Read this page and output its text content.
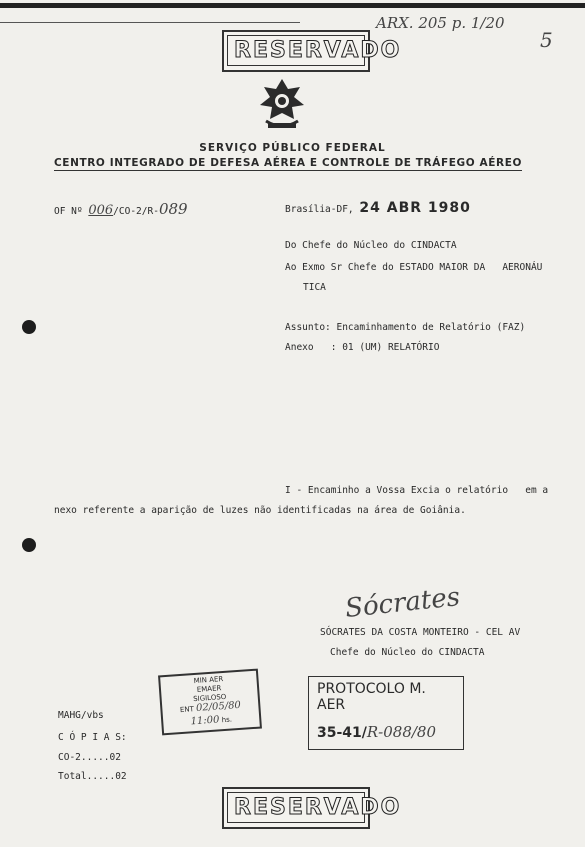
ARX. 205 p. 1/20
5
RESERVADO
SERVIÇO PÚBLICO FEDERAL
CENTRO INTEGRADO DE DEFESA AÉREA E CONTROLE DE TRÁFEGO AÉREO
OF Nº 006/CO-2/R-089	Brasília-DF, 24 ABR 1980
Do Chefe do Núcleo do CINDACTA
Ao Exmo Sr Chefe do ESTADO MAIOR DA   AERONÁU
TICA
Assunto: Encaminhamento de Relatório (FAZ)
Anexo   : 01 (UM) RELATÓRIO
I - Encaminho a Vossa Excia o relatório   em a
nexo referente a aparição de luzes não identificadas na área de Goiânia.
Sócrates
SÓCRATES DA COSTA MONTEIRO - CEL AV
Chefe do Núcleo do CINDACTA
MIN AER
EMAER
SIGILOSO
ENT 02/05/80
11:00 hs.
PROTOCOLO M. AER
35-41/R-088/80
MAHG/vbs
C Ó P I A S:
CO-2.....02
Total.....02
RESERVADO
